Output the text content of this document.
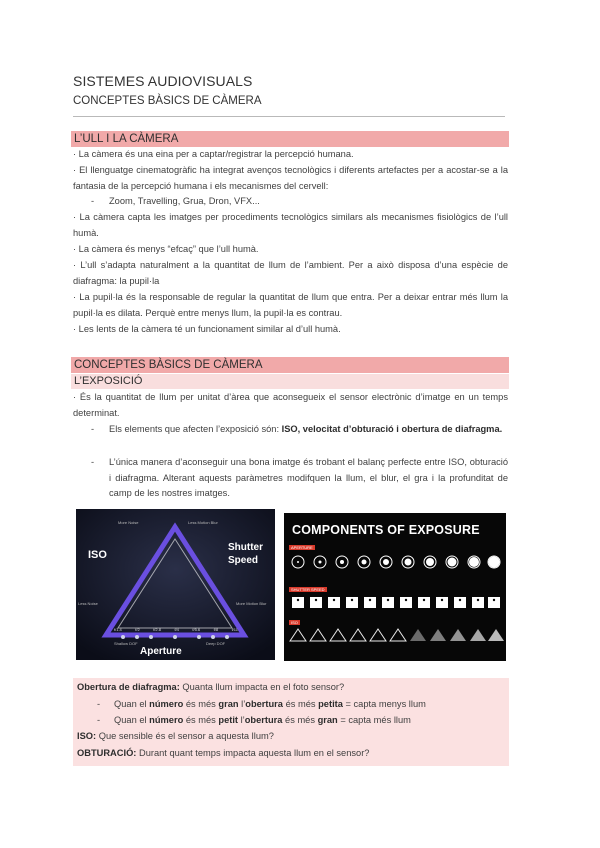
SISTEMES AUDIOVISUALS
CONCEPTES BÀSICS DE CÀMERA
L’ULL I LA CÀMERA
· La càmera és una eina per a captar/registrar la percepció humana.
· El llenguatge cinematogràfic ha integrat avenços tecnològics i diferents artefactes per a acostar-se a la fantasia de la percepció humana i els mecanismes del cervell:
- Zoom, Travelling, Grua, Dron, VFX...
· La càmera capta les imatges per procediments tecnològics similars als mecanismes fisiològics de l’ull humà.
· La càmera és menys “efcaç” que l’ull humà.
· L’ull s’adapta naturalment a la quantitat de llum de l’ambient. Per a això disposa d’una espècie de diafragma: la pupil·la
· La pupil·la és la responsable de regular la quantitat de llum que entra. Per a deixar entrar més llum la pupil·la es dilata. Perquè entre menys llum, la pupil·la es contrau.
· Les lents de la càmera té un funcionament similar al d’ull humà.
CONCEPTES BÀSICS DE CÀMERA
L’EXPOSICIÓ
· És la quantitat de llum per unitat d’àrea que aconsegueix el sensor electrònic d’imatge en un temps determinat.
- Els elements que afecten l’exposició són: ISO, velocitat d’obturació i obertura de diafragma.
- L’única manera d’aconseguir una bona imatge és trobant el balanç perfecte entre ISO, obturació i diafragma. Alterant aquests paràmetres modifquen la llum, el blur, el gra i la profunditat de camp de les nostres imatges.
ISO
Shutter
Speed
Aperture
More Noise	Less Motion Blur
Less Noise	More Motion Blur
Shallow DOF	Deep DOF
f/1.4	f/2	f/2.8	f/4	f/5.6	f/8	f/11
COMPONENTS OF EXPOSURE
APERTURE
SHUTTER SPEED
ISO
Obertura de diafragma: Quanta llum impacta en el foto sensor?
- Quan el número és més gran l’obertura és més petita = capta menys llum
- Quan el número és més petit l’obertura és més gran = capta més llum
ISO: Que sensible és el sensor a aquesta llum?
OBTURACIÓ: Durant quant temps impacta aquesta llum en el sensor?
